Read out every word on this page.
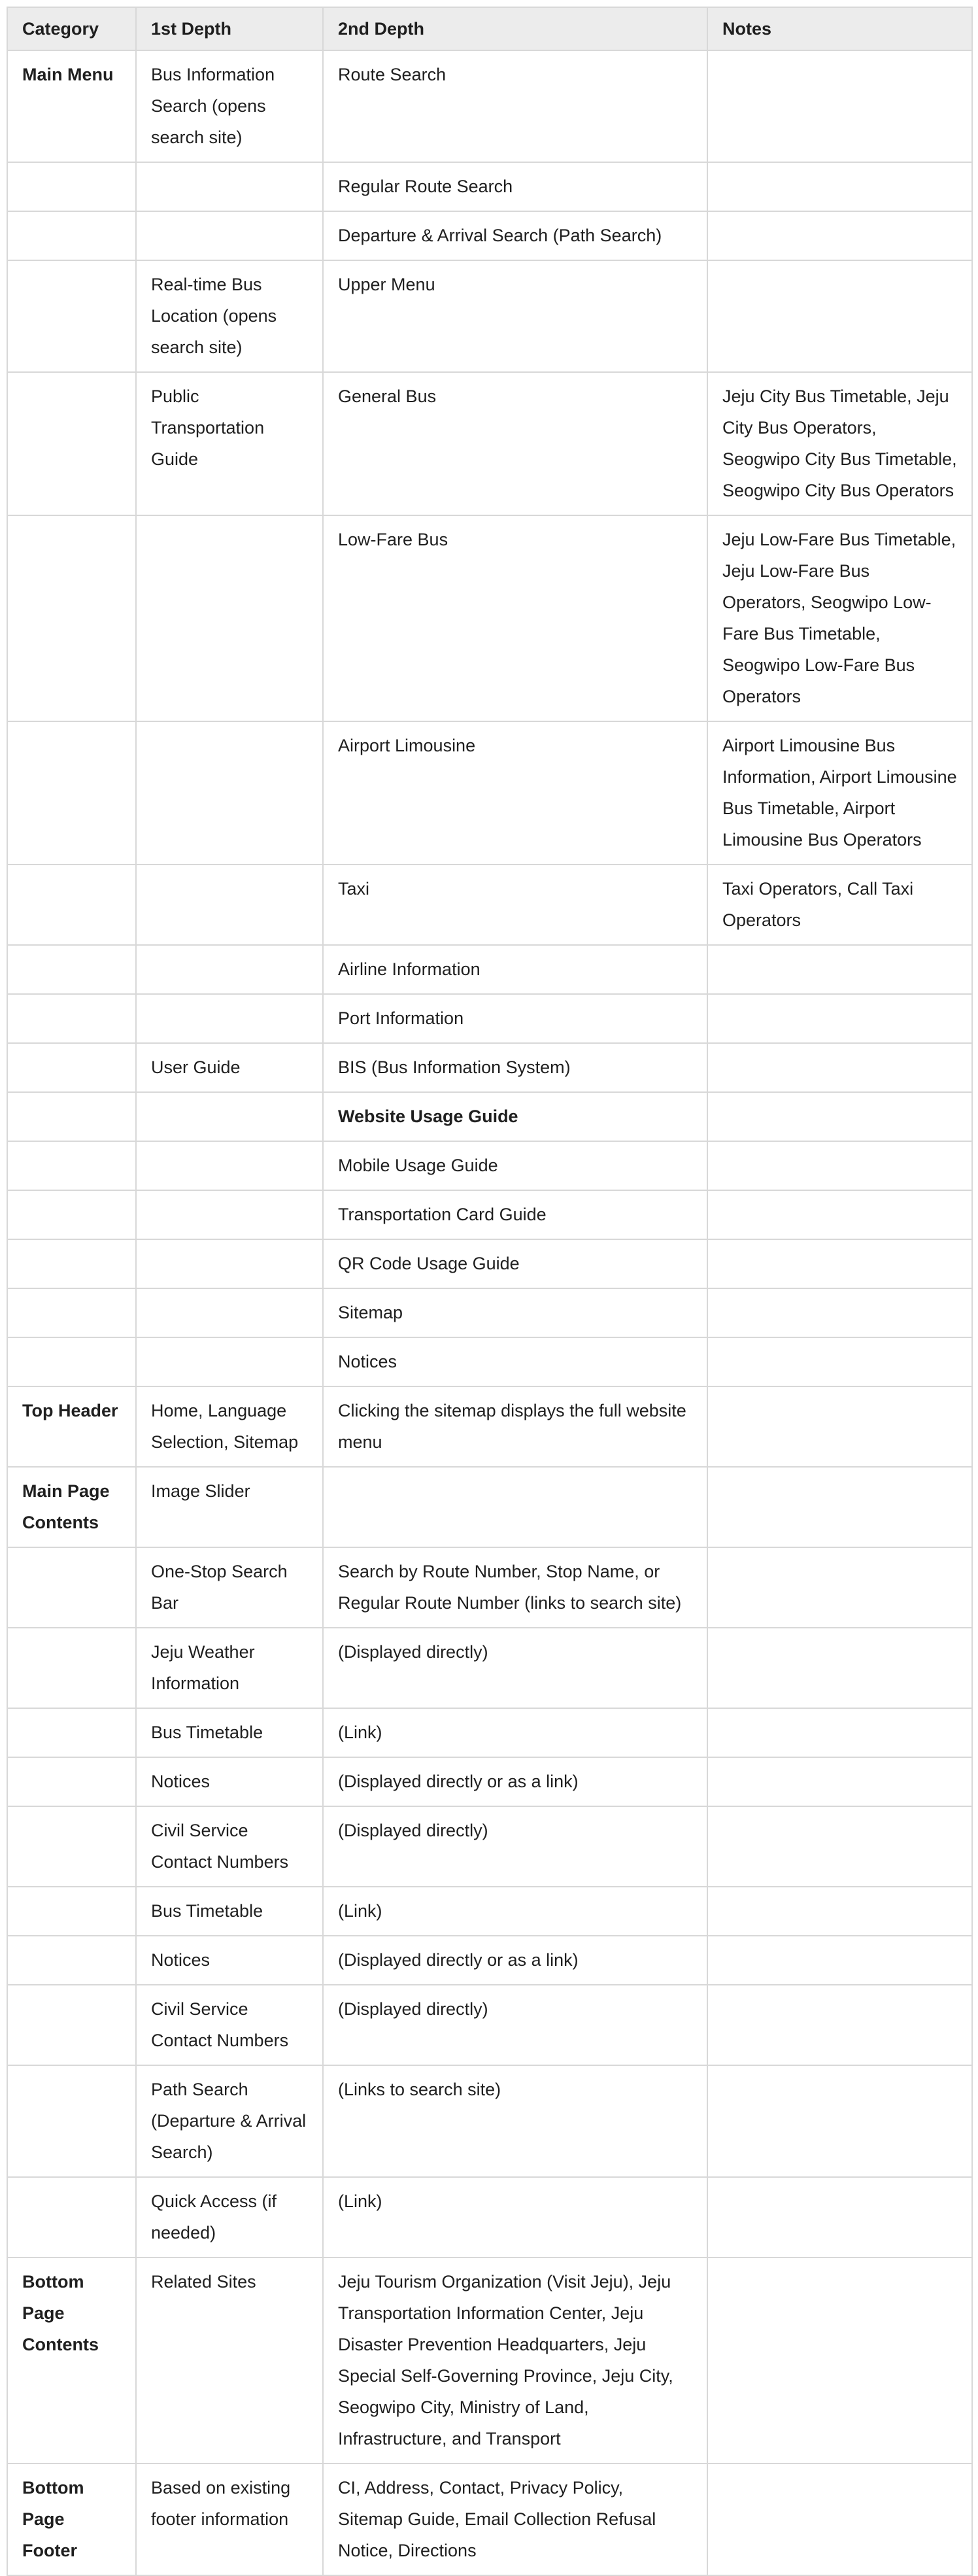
Category	1st Depth	2nd Depth	Notes
Main Menu	Bus Information Search (opens search site)	Route Search	
		Regular Route Search	
		Departure & Arrival Search (Path Search)	
	Real-time Bus Location (opens search site)	Upper Menu	
	Public Transportation Guide	General Bus	Jeju City Bus Timetable, Jeju City Bus Operators, Seogwipo City Bus Timetable, Seogwipo City Bus Operators
		Low-Fare Bus	Jeju Low-Fare Bus Timetable, Jeju Low-Fare Bus Operators, Seogwipo Low-Fare Bus Timetable, Seogwipo Low-Fare Bus Operators
		Airport Limousine	Airport Limousine Bus Information, Airport Limousine Bus Timetable, Airport Limousine Bus Operators
		Taxi	Taxi Operators, Call Taxi Operators
		Airline Information	
		Port Information	
	User Guide	BIS (Bus Information System)	
		Website Usage Guide	
		Mobile Usage Guide	
		Transportation Card Guide	
		QR Code Usage Guide	
		Sitemap	
		Notices	
Top Header	Home, Language Selection, Sitemap	Clicking the sitemap displays the full website menu	
Main Page Contents	Image Slider		
	One-Stop Search Bar	Search by Route Number, Stop Name, or Regular Route Number (links to search site)	
	Jeju Weather Information	(Displayed directly)	
	Bus Timetable	(Link)	
	Notices	(Displayed directly or as a link)	
	Civil Service Contact Numbers	(Displayed directly)	
	Bus Timetable	(Link)	
	Notices	(Displayed directly or as a link)	
	Civil Service Contact Numbers	(Displayed directly)	
	Path Search (Departure & Arrival Search)	(Links to search site)	
	Quick Access (if needed)	(Link)	
Bottom Page Contents	Related Sites	Jeju Tourism Organization (Visit Jeju), Jeju Transportation Information Center, Jeju Disaster Prevention Headquarters, Jeju Special Self-Governing Province, Jeju City, Seogwipo City, Ministry of Land, Infrastructure, and Transport	
Bottom Page Footer	Based on existing footer information	CI, Address, Contact, Privacy Policy, Sitemap Guide, Email Collection Refusal Notice, Directions	
